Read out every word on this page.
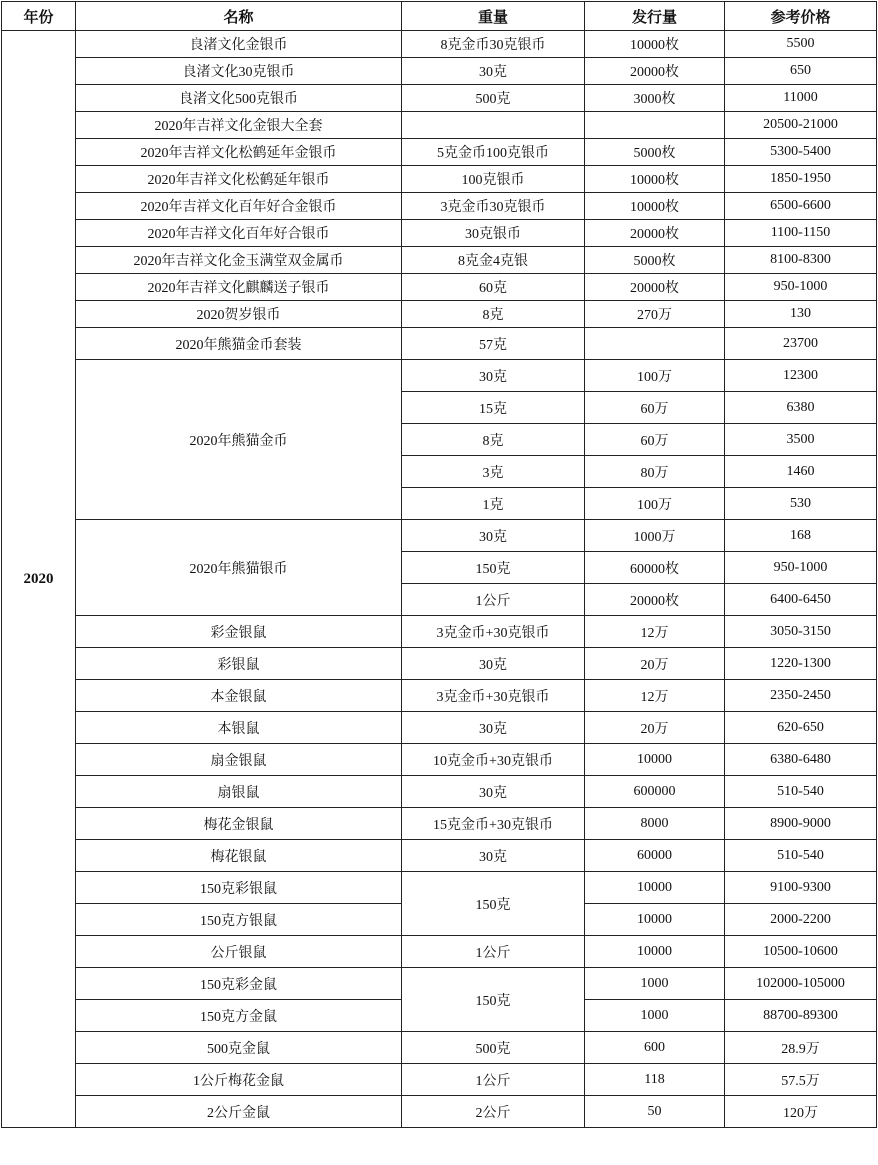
年份	名称	重量	发行量	参考价格
2020	良渚文化金银币	8克金币30克银币	10000枚	5500
	良渚文化30克银币	30克	20000枚	650
	良渚文化500克银币	500克	3000枚	11000
	2020年吉祥文化金银大全套			20500-21000
	2020年吉祥文化松鹤延年金银币	5克金币100克银币	5000枚	5300-5400
	2020年吉祥文化松鹤延年银币	100克银币	10000枚	1850-1950
	2020年吉祥文化百年好合金银币	3克金币30克银币	10000枚	6500-6600
	2020年吉祥文化百年好合银币	30克银币	20000枚	1100-1150
	2020年吉祥文化金玉满堂双金属币	8克金4克银	5000枚	8100-8300
	2020年吉祥文化麒麟送子银币	60克	20000枚	950-1000
	2020贺岁银币	8克	270万	130
	2020年熊猫金币套装	57克		23700
	2020年熊猫金币	30克	100万	12300
		15克	60万	6380
		8克	60万	3500
		3克	80万	1460
		1克	100万	530
	2020年熊猫银币	30克	1000万	168
		150克	60000枚	950-1000
		1公斤	20000枚	6400-6450
	彩金银鼠	3克金币+30克银币	12万	3050-3150
	彩银鼠	30克	20万	1220-1300
	本金银鼠	3克金币+30克银币	12万	2350-2450
	本银鼠	30克	20万	620-650
	扇金银鼠	10克金币+30克银币	10000	6380-6480
	扇银鼠	30克	600000	510-540
	梅花金银鼠	15克金币+30克银币	8000	8900-9000
	梅花银鼠	30克	60000	510-540
	150克彩银鼠	150克	10000	9100-9300
	150克方银鼠		10000	2000-2200
	公斤银鼠	1公斤	10000	10500-10600
	150克彩金鼠	150克	1000	102000-105000
	150克方金鼠		1000	88700-89300
	500克金鼠	500克	600	28.9万
	1公斤梅花金鼠	1公斤	118	57.5万
	2公斤金鼠	2公斤	50	120万
